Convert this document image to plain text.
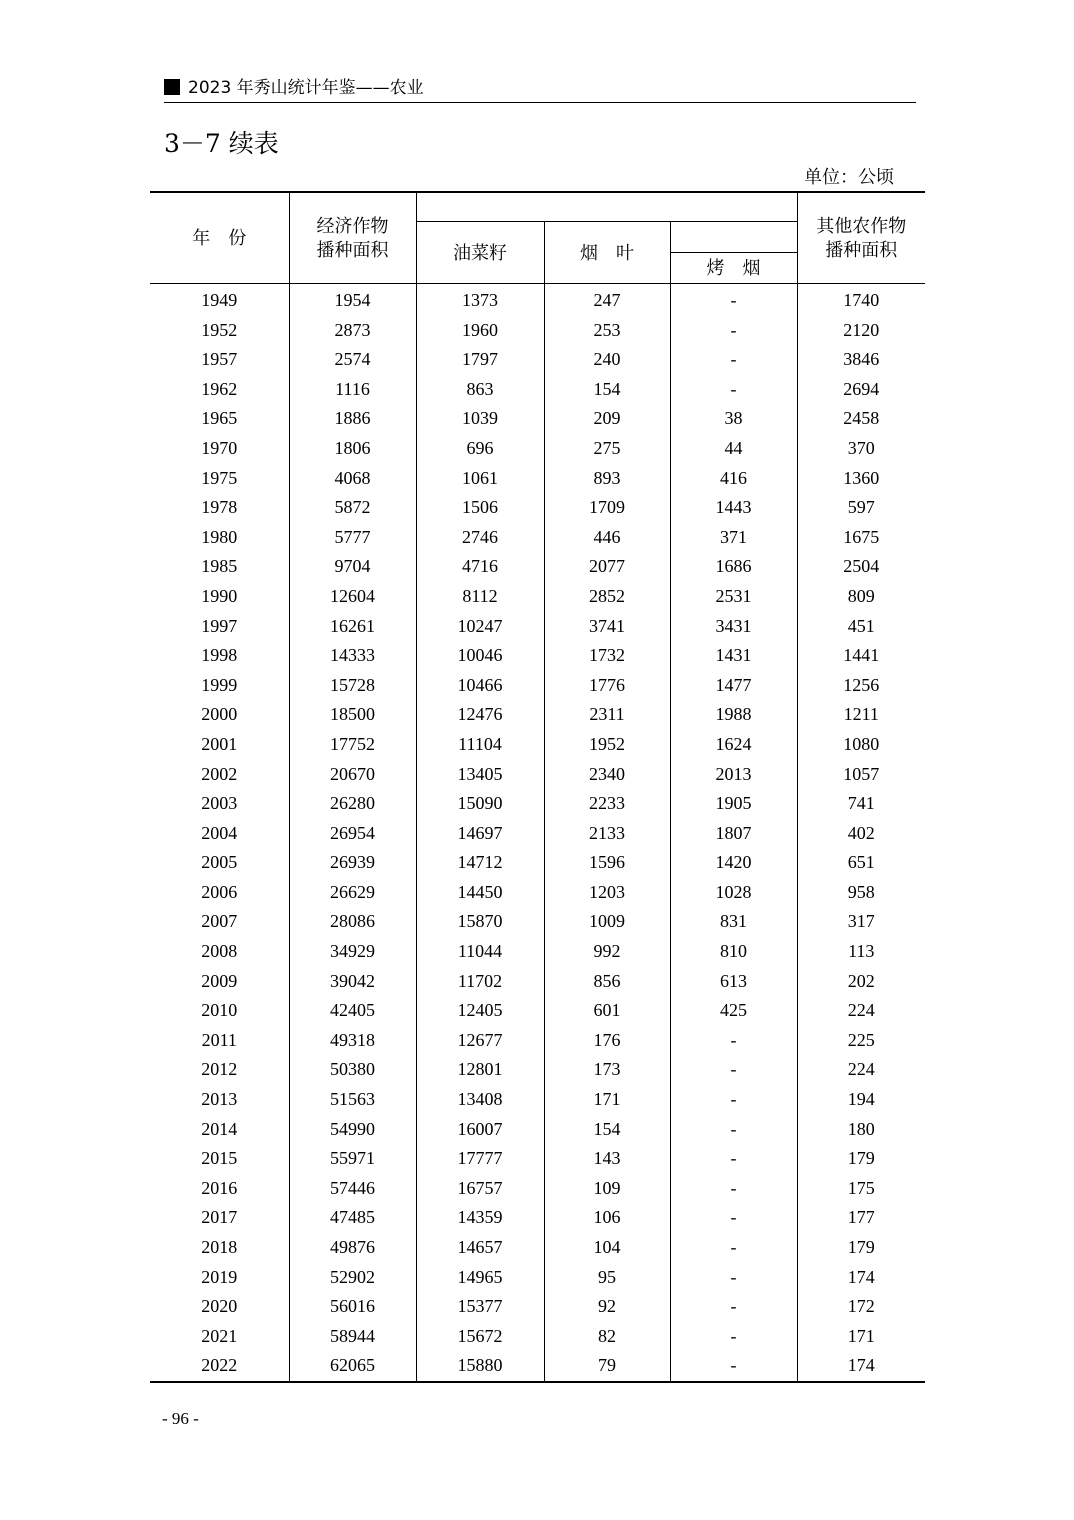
2023 年秀山统计年鉴——农业
3－7 续表
单位：公顷
年　份	经济作物播种面积				其他农作物播种面积

		油菜籽	烟　叶		
				烤　烟	
1949	1954	1373	247	-	1740
1952	2873	1960	253	-	2120
1957	2574	1797	240	-	3846
1962	1116	863	154	-	2694
1965	1886	1039	209	38	2458
1970	1806	696	275	44	370
1975	4068	1061	893	416	1360
1978	5872	1506	1709	1443	597
1980	5777	2746	446	371	1675
1985	9704	4716	2077	1686	2504
1990	12604	8112	2852	2531	809
1997	16261	10247	3741	3431	451
1998	14333	10046	1732	1431	1441
1999	15728	10466	1776	1477	1256
2000	18500	12476	2311	1988	1211
2001	17752	11104	1952	1624	1080
2002	20670	13405	2340	2013	1057
2003	26280	15090	2233	1905	741
2004	26954	14697	2133	1807	402
2005	26939	14712	1596	1420	651
2006	26629	14450	1203	1028	958
2007	28086	15870	1009	831	317
2008	34929	11044	992	810	113
2009	39042	11702	856	613	202
2010	42405	12405	601	425	224
2011	49318	12677	176	-	225
2012	50380	12801	173	-	224
2013	51563	13408	171	-	194
2014	54990	16007	154	-	180
2015	55971	17777	143	-	179
2016	57446	16757	109	-	175
2017	47485	14359	106	-	177
2018	49876	14657	104	-	179
2019	52902	14965	95	-	174
2020	56016	15377	92	-	172
2021	58944	15672	82	-	171
2022	62065	15880	79	-	174
- 96 -
